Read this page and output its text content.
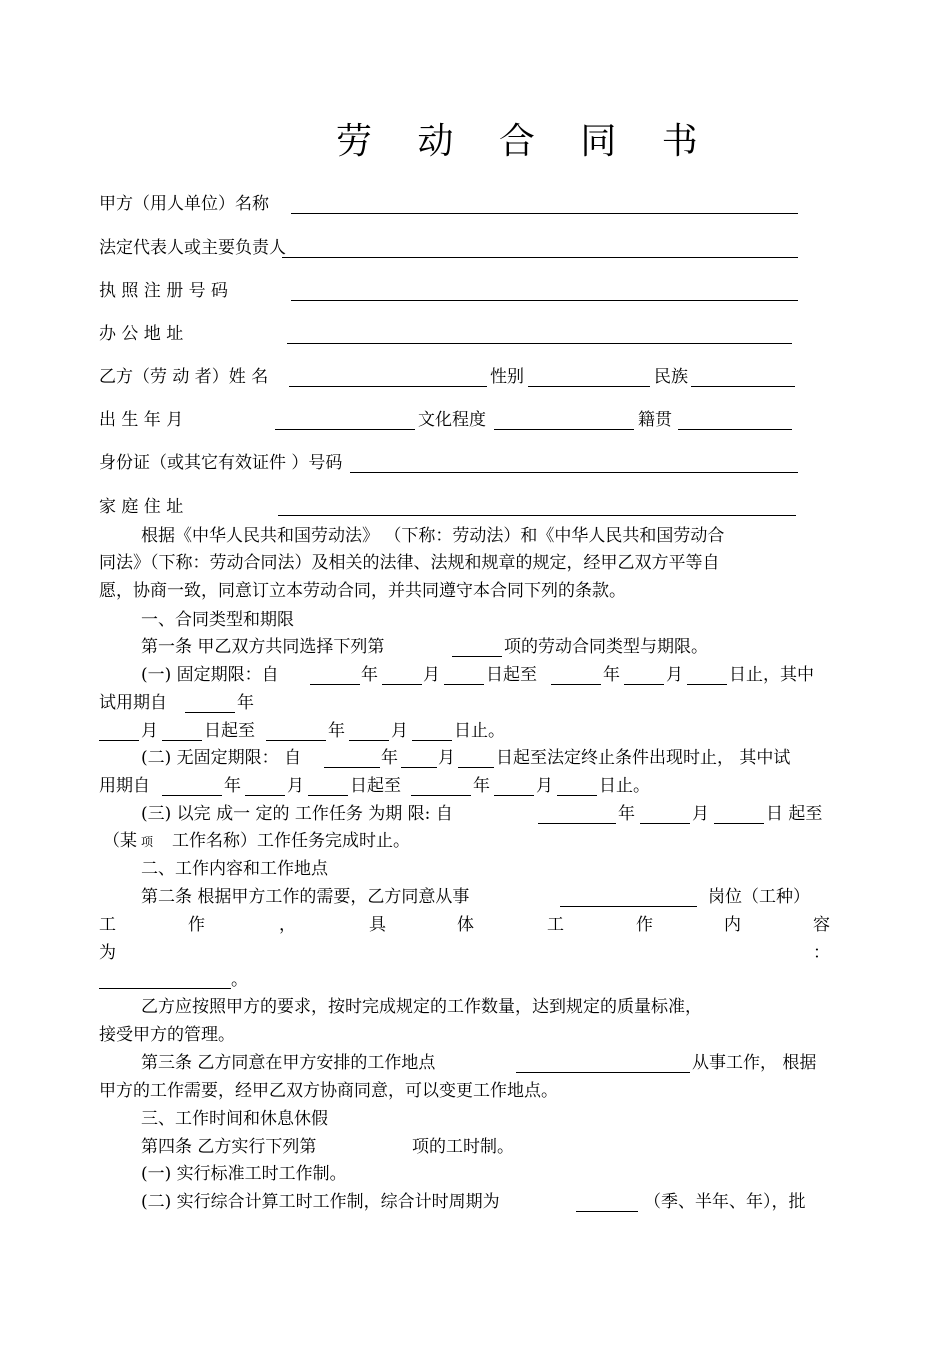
劳 动 合 同 书
甲方（用人单位）名称
法定代表人或主要负责人
执 照 注 册 号 码
办 公 地 址
乙方（劳 动 者）姓 名	性别	民族
出 生 年 月	文化程度	籍贯
身份证（或其它有效证件 ）号码
家 庭 住 址
根据《中华人民共和国劳动法》 （下称：劳动法）和《中华人民共和国劳动合
同法》（下称：劳动合同法）及相关的法律、法规和规章的规定，经甲乙双方平等自
愿，协商一致，同意订立本劳动合同，并共同遵守本合同下列的条款。
一、合同类型和期限
第一条 甲乙双方共同选择下列第	项的劳动合同类型与期限。
(一) 固定期限：自	年	月	日起至	年	月	日止，其中
试用期自	年
月	日起至	年	月	日止。
(二) 无固定期限： 自	年 月 日起至法定终止条件出现时止， 其中试
用期自	年	月	日起至	年	月	日止。
(三) 以完 成一 定的 工作任务 为期 限: 自	年	月	日 起至
（某 项 工作名称）工作任务完成时止。
二、工作内容和工作地点
第二条 根据甲方工作的需要，乙方同意从事	岗位（工种）
工	作	，	具	体	工	作	内	容
为	：
。
乙方应按照甲方的要求，按时完成规定的工作数量，达到规定的质量标准，
接受甲方的管理。
第三条 乙方同意在甲方安排的工作地点	从事工作， 根据
甲方的工作需要，经甲乙双方协商同意，可以变更工作地点。
三、工作时间和休息休假
第四条 乙方实行下列第	项的工时制。
(一) 实行标准工时工作制。
(二) 实行综合计算工时工作制，综合计时周期为	（季、半年、年），批
